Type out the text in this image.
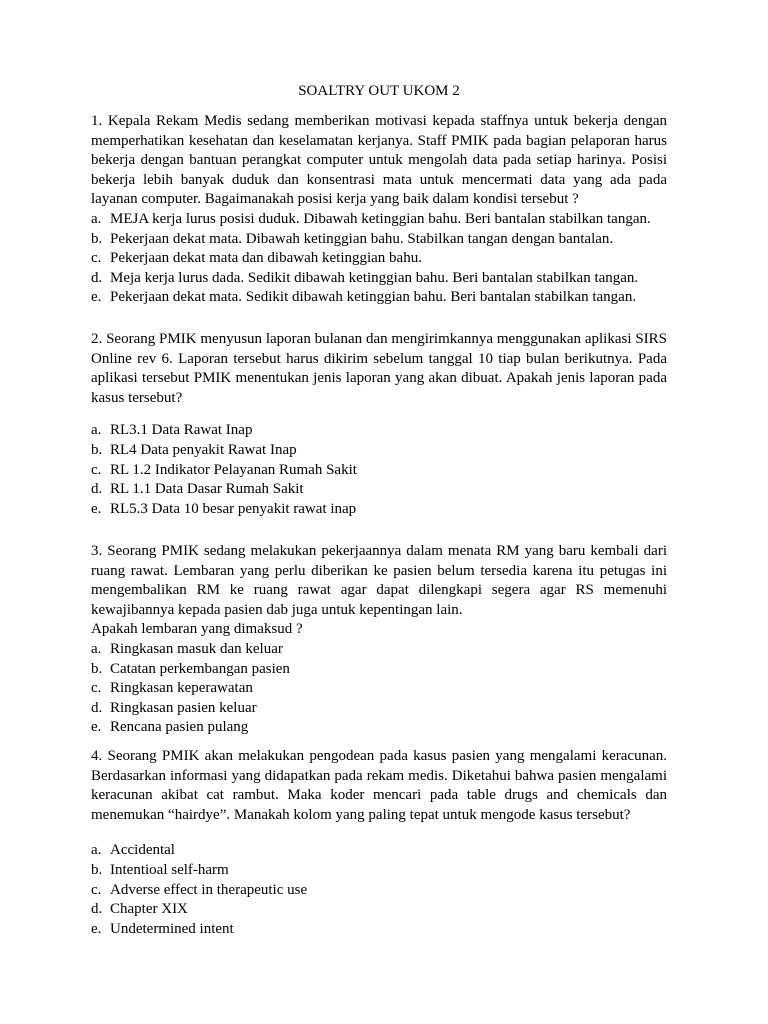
SOALTRY OUT UKOM 2

1. Kepala Rekam Medis sedang memberikan motivasi kepada staffnya untuk bekerja dengan memperhatikan kesehatan dan keselamatan kerjanya. Staff PMIK pada bagian pelaporan harus bekerja dengan bantuan perangkat computer untuk mengolah data pada setiap harinya. Posisi bekerja lebih banyak duduk dan konsentrasi mata untuk mencermati data yang ada pada layanan computer. Bagaimanakah posisi kerja yang baik dalam kondisi tersebut ?

a. MEJA kerja lurus posisi duduk. Dibawah ketinggian bahu. Beri bantalan stabilkan tangan.
b. Pekerjaan dekat mata. Dibawah ketinggian bahu. Stabilkan tangan dengan bantalan.
c. Pekerjaan dekat mata dan dibawah ketinggian bahu.
d. Meja kerja lurus dada. Sedikit dibawah ketinggian bahu. Beri bantalan stabilkan tangan.
e. Pekerjaan dekat mata. Sedikit dibawah ketinggian bahu. Beri bantalan stabilkan tangan.

2. Seorang PMIK menyusun laporan bulanan dan mengirimkannya menggunakan aplikasi SIRS Online rev 6. Laporan tersebut harus dikirim sebelum tanggal 10 tiap bulan berikutnya. Pada aplikasi tersebut PMIK menentukan jenis laporan yang akan dibuat. Apakah jenis laporan pada kasus tersebut?

a. RL3.1 Data Rawat Inap
b. RL4 Data penyakit Rawat Inap
c. RL 1.2 Indikator Pelayanan Rumah Sakit
d. RL 1.1 Data Dasar Rumah Sakit
e. RL5.3 Data 10 besar penyakit rawat inap

3. Seorang PMIK sedang melakukan pekerjaannya dalam menata RM yang baru kembali dari ruang rawat. Lembaran yang perlu diberikan ke pasien belum tersedia karena itu petugas ini mengembalikan RM ke ruang rawat agar dapat dilengkapi segera agar RS memenuhi kewajibannya kepada pasien dab juga untuk kepentingan lain.

Apakah lembaran yang dimaksud ?

a. Ringkasan masuk dan keluar
b. Catatan perkembangan pasien
c. Ringkasan keperawatan
d. Ringkasan pasien keluar
e. Rencana pasien pulang

4. Seorang PMIK akan melakukan pengodean pada kasus pasien yang mengalami keracunan. Berdasarkan informasi yang didapatkan pada rekam medis. Diketahui bahwa pasien mengalami keracunan akibat cat rambut. Maka koder mencari pada table drugs and chemicals dan menemukan “hairdye”. Manakah kolom yang paling tepat untuk mengode kasus tersebut?

a. Accidental
b. Intentioal self-harm
c. Adverse effect in therapeutic use
d. Chapter XIX
e. Undetermined intent
